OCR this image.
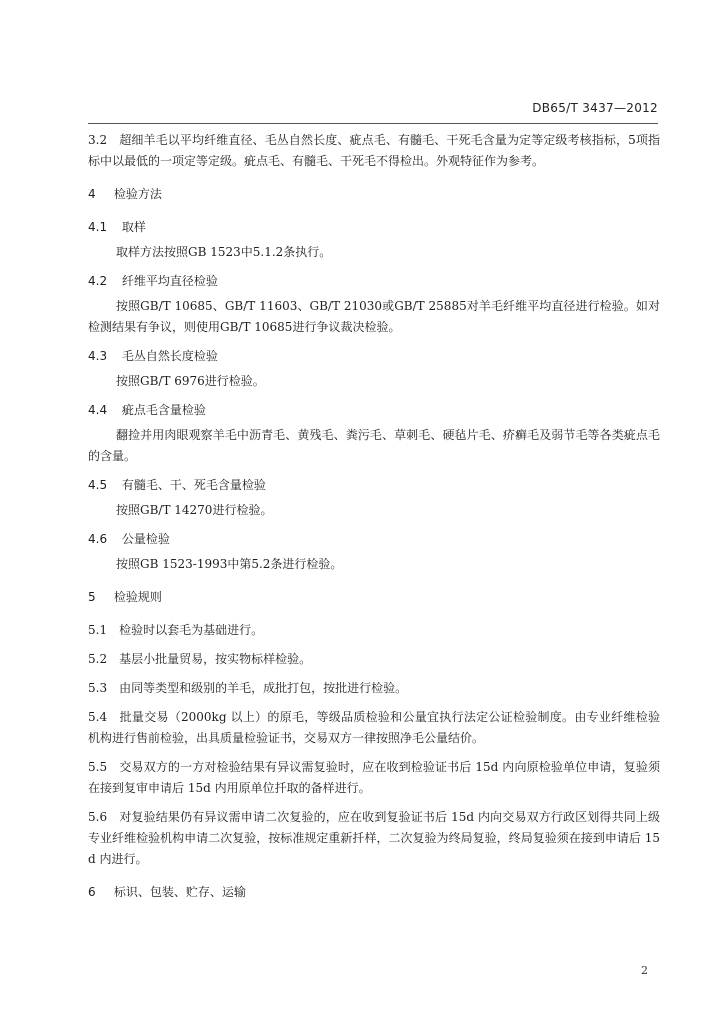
DB65/T 3437—2012

3.2　超细羊毛以平均纤维直径、毛丛自然长度、疵点毛、有髓毛、干死毛含量为定等定级考核指标，5项指标中以最低的一项定等定级。疵点毛、有髓毛、干死毛不得检出。外观特征作为参考。

4 检验方法
4.1 取样

取样方法按照GB 1523中5.1.2条执行。

4.2 纤维平均直径检验

按照GB/T 10685、GB/T 11603、GB/T 21030或GB/T 25885对羊毛纤维平均直径进行检验。如对检测结果有争议，则使用GB/T 10685进行争议裁决检验。

4.3 毛丛自然长度检验

按照GB/T 6976进行检验。

4.4 疵点毛含量检验

翻捡并用肉眼观察羊毛中沥青毛、黄残毛、粪污毛、草刺毛、硬毡片毛、疥癣毛及弱节毛等各类疵点毛的含量。

4.5 有髓毛、干、死毛含量检验

按照GB/T 14270进行检验。

4.6 公量检验

按照GB 1523-1993中第5.2条进行检验。

5 检验规则

5.1　检验时以套毛为基础进行。

5.2　基层小批量贸易，按实物标样检验。

5.3　由同等类型和级别的羊毛，成批打包，按批进行检验。

5.4　批量交易（2000kg 以上）的原毛，等级品质检验和公量宜执行法定公证检验制度。由专业纤维检验机构进行售前检验，出具质量检验证书，交易双方一律按照净毛公量结价。

5.5　交易双方的一方对检验结果有异议需复验时，应在收到检验证书后 15d 内向原检验单位申请，复验须在接到复审申请后 15d 内用原单位扦取的备样进行。

5.6　对复验结果仍有异议需申请二次复验的，应在收到复验证书后 15d 内向交易双方行政区划得共同上级专业纤维检验机构申请二次复验，按标准规定重新扦样，二次复验为终局复验，终局复验须在接到申请后 15d 内进行。

6 标识、包装、贮存、运输
2
